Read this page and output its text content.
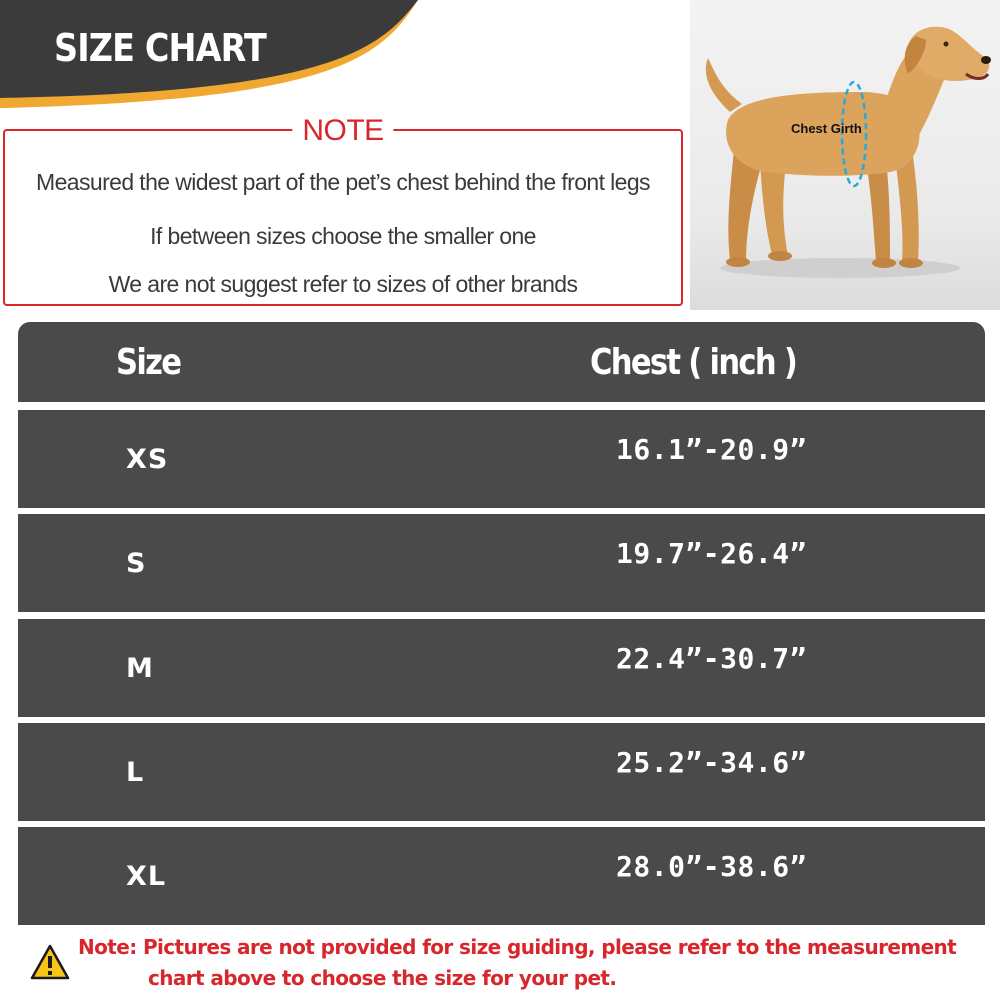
SIZE CHART
NOTE
Measured the widest part of the pet’s chest behind the front legs
If between sizes choose the smaller one
We are not suggest refer to sizes of other brands
Chest Girth
Size	Chest ( inch )
XS	16.1”-20.9”
S	19.7”-26.4”
M	22.4”-30.7”
L	25.2”-34.6”
XL	28.0”-38.6”

Note: Pictures are not provided for size guiding, please refer to the measurement
chart above to choose the size for your pet.
